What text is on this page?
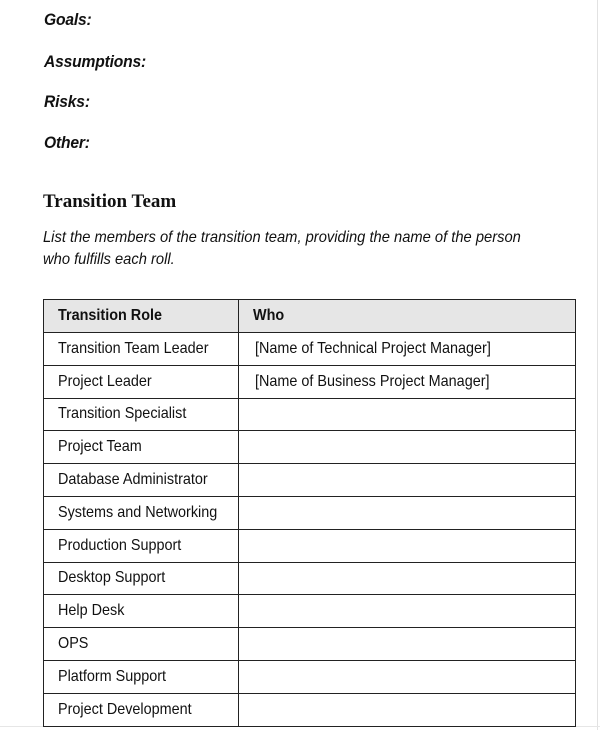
Goals:
Assumptions:
Risks:
Other:
Transition Team
List the members of the transition team, providing the name of the person who fulfills each roll.
Transition Role	Who
Transition Team Leader	[Name of Technical Project Manager]
Project Leader	[Name of Business Project Manager]
Transition Specialist	
Project Team	
Database Administrator	
Systems and Networking	
Production Support	
Desktop Support	
Help Desk	
OPS	
Platform Support	
Project Development	
